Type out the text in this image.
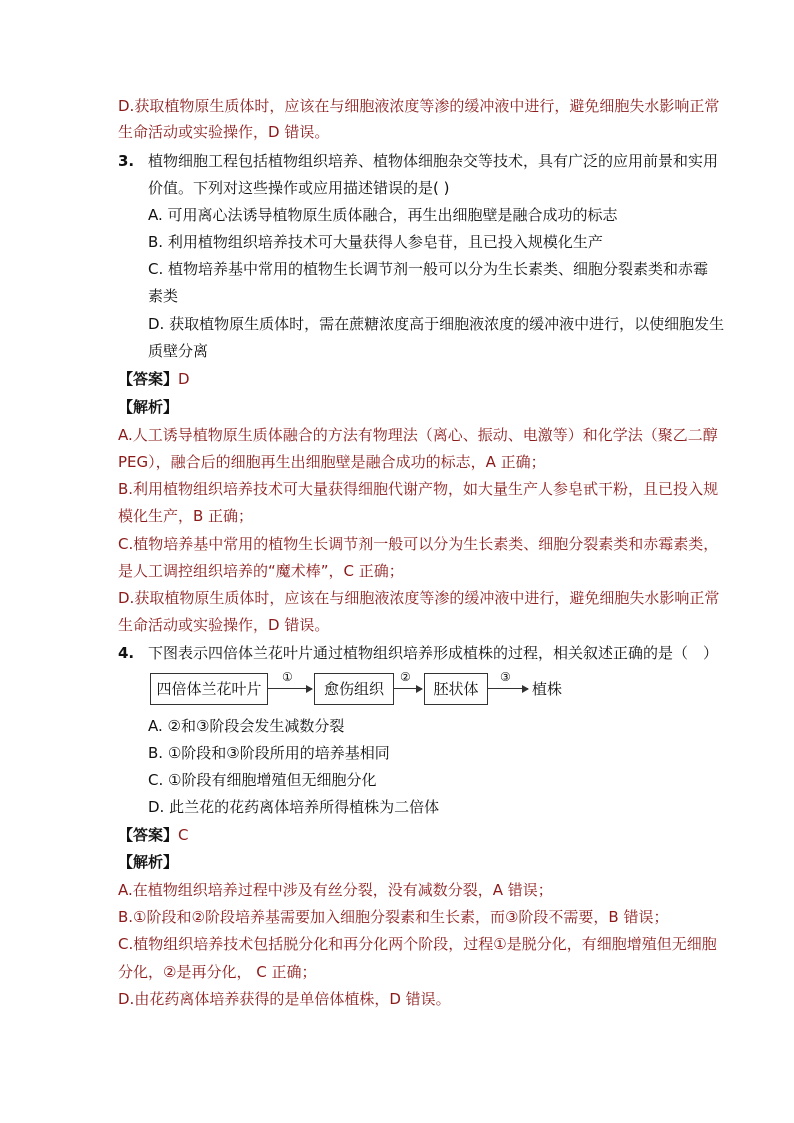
D.获取植物原生质体时，应该在与细胞液浓度等渗的缓冲液中进行，避免细胞失水影响正常
生命活动或实验操作，D 错误。
3. 植物细胞工程包括植物组织培养、植物体细胞杂交等技术，具有广泛的应用前景和实用
价值。下列对这些操作或应用描述错误的是( )
A. 可用离心法诱导植物原生质体融合，再生出细胞壁是融合成功的标志
B. 利用植物组织培养技术可大量获得人参皂苷，且已投入规模化生产
C. 植物培养基中常用的植物生长调节剂一般可以分为生长素类、细胞分裂素类和赤霉
素类
D. 获取植物原生质体时，需在蔗糖浓度高于细胞液浓度的缓冲液中进行，以使细胞发生
质壁分离
【答案】D
【解析】
A.人工诱导植物原生质体融合的方法有物理法（离心、振动、电激等）和化学法（聚乙二醇
PEG），融合后的细胞再生出细胞壁是融合成功的标志，A 正确；
B.利用植物组织培养技术可大量获得细胞代谢产物，如大量生产人参皂甙干粉，且已投入规
模化生产，B 正确；
C.植物培养基中常用的植物生长调节剂一般可以分为生长素类、细胞分裂素类和赤霉素类，
是人工调控组织培养的“魔术棒”，C 正确；
D.获取植物原生质体时，应该在与细胞液浓度等渗的缓冲液中进行，避免细胞失水影响正常
生命活动或实验操作，D 错误。
4. 下图表示四倍体兰花叶片通过植物组织培养形成植株的过程，相关叙述正确的是（　）
四倍体兰花叶片
①
愈伤组织
②
胚状体
③
植株
A. ②和③阶段会发生减数分裂
B. ①阶段和③阶段所用的培养基相同
C. ①阶段有细胞增殖但无细胞分化
D. 此兰花的花药离体培养所得植株为二倍体
【答案】C
【解析】
A.在植物组织培养过程中涉及有丝分裂，没有减数分裂，A 错误；
B.①阶段和②阶段培养基需要加入细胞分裂素和生长素，而③阶段不需要，B 错误；
C.植物组织培养技术包括脱分化和再分化两个阶段，过程①是脱分化，有细胞增殖但无细胞
分化，②是再分化， C 正确；
D.由花药离体培养获得的是单倍体植株，D 错误。
